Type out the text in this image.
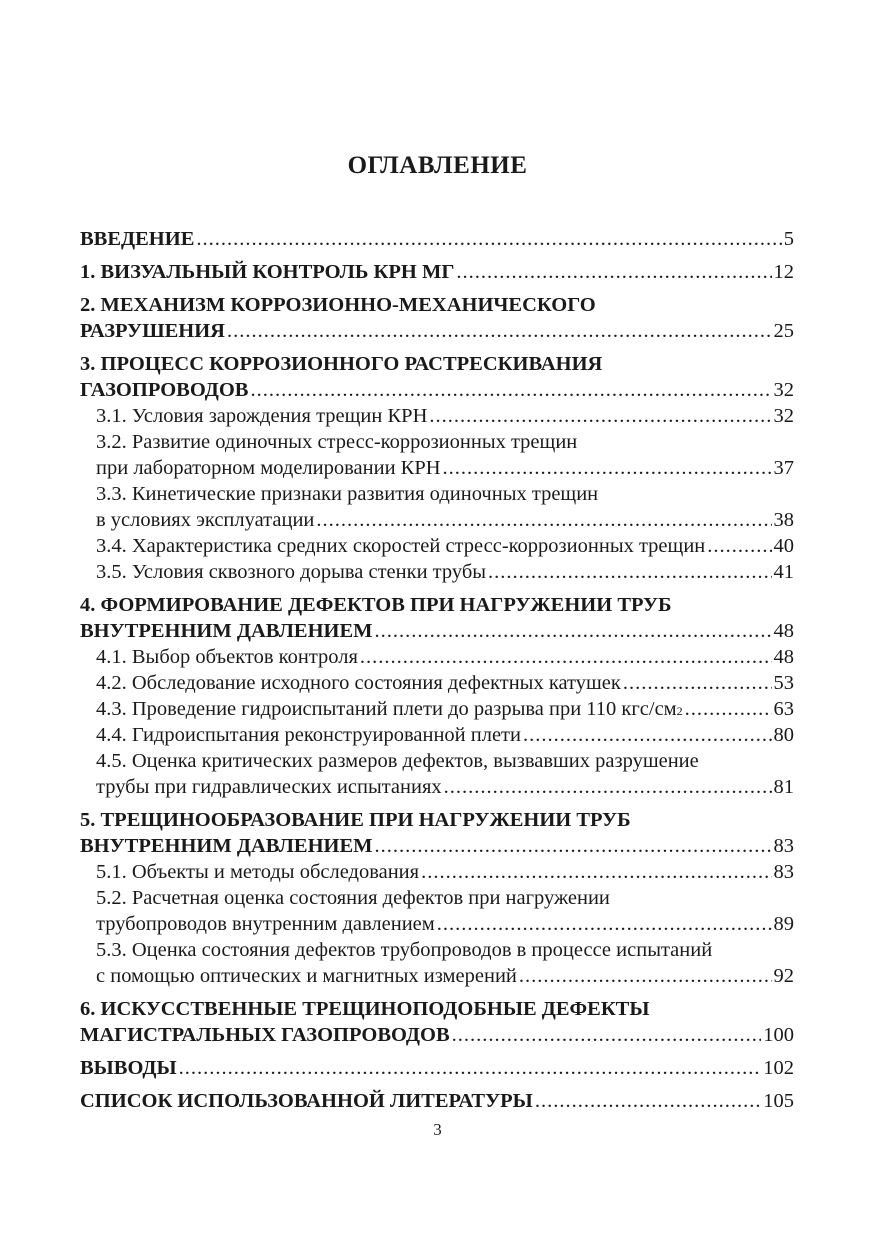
ОГЛАВЛЕНИЕ
ВВЕДЕНИЕ .....	5
1. ВИЗУАЛЬНЫЙ КОНТРОЛЬ КРН МГ .....	12
2. МЕХАНИЗМ КОРРОЗИОННО-МЕХАНИЧЕСКОГО
РАЗРУШЕНИЯ .....	25
3. ПРОЦЕСС КОРРОЗИОННОГО РАСТРЕСКИВАНИЯ
ГАЗОПРОВОДОВ .....	32
3.1. Условия зарождения трещин КРН .....	32
3.2. Развитие одиночных стресс-коррозионных трещин
при лабораторном моделировании КРН .....	37
3.3. Кинетические признаки развития одиночных трещин
в условиях эксплуатации .....	38
3.4. Характеристика средних скоростей стресс-коррозионных трещин .....	40
3.5. Условия сквозного дорыва стенки трубы .....	41
4. ФОРМИРОВАНИЕ ДЕФЕКТОВ ПРИ НАГРУЖЕНИИ ТРУБ
ВНУТРЕННИМ ДАВЛЕНИЕМ .....	48
4.1. Выбор объектов контроля .....	48
4.2. Обследование исходного состояния дефектных катушек .....	53
4.3. Проведение гидроиспытаний плети до разрыва при 110 кгс/см 2 .....	63
4.4. Гидроиспытания реконструированной плети .....	80
4.5. Оценка критических размеров дефектов, вызвавших разрушение
трубы при гидравлических испытаниях .....	81
5. ТРЕЩИНООБРАЗОВАНИЕ ПРИ НАГРУЖЕНИИ ТРУБ
ВНУТРЕННИМ ДАВЛЕНИЕМ .....	83
5.1. Объекты и методы обследования .....	83
5.2. Расчетная оценка состояния дефектов при нагружении
трубопроводов внутренним давлением .....	89
5.3. Оценка состояния дефектов трубопроводов в процессе испытаний
с помощью оптических и магнитных измерений .....	92
6. ИСКУССТВЕННЫЕ ТРЕЩИНОПОДОБНЫЕ ДЕФЕКТЫ
МАГИСТРАЛЬНЫХ ГАЗОПРОВОДОВ .....	100
ВЫВОДЫ .....	102
СПИСОК ИСПОЛЬЗОВАННОЙ ЛИТЕРАТУРЫ .....	105
3
